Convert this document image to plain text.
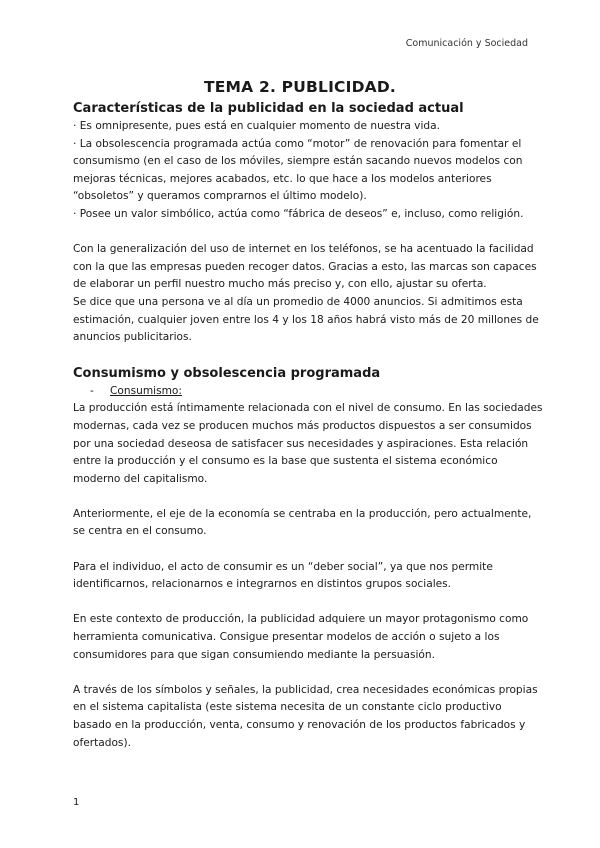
Comunicación y Sociedad
TEMA 2. PUBLICIDAD.

Características de la publicidad en la sociedad actual

· Es omnipresente, pues está en cualquier momento de nuestra vida.

· La obsolescencia programada actúa como “motor” de renovación para fomentar el consumismo (en el caso de los móviles, siempre están sacando nuevos modelos con mejoras técnicas, mejores acabados, etc. lo que hace a los modelos anteriores “obsoletos” y queramos comprarnos el último modelo).

· Posee un valor simbólico, actúa como “fábrica de deseos” e, incluso, como religión.

Con la generalización del uso de internet en los teléfonos, se ha acentuado la facilidad con la que las empresas pueden recoger datos. Gracias a esto, las marcas son capaces de elaborar un perfil nuestro mucho más preciso y, con ello, ajustar su oferta.

Se dice que una persona ve al día un promedio de 4000 anuncios. Si admitimos esta estimación, cualquier joven entre los 4 y los 18 años habrá visto más de 20 millones de anuncios publicitarios.

Consumismo y obsolescencia programada

- Consumismo:

La producción está íntimamente relacionada con el nivel de consumo. En las sociedades modernas, cada vez se producen muchos más productos dispuestos a ser consumidos por una sociedad deseosa de satisfacer sus necesidades y aspiraciones. Esta relación entre la producción y el consumo es la base que sustenta el sistema económico moderno del capitalismo.

Anteriormente, el eje de la economía se centraba en la producción, pero actualmente, se centra en el consumo.

Para el individuo, el acto de consumir es un “deber social”, ya que nos permite identificarnos, relacionarnos e integrarnos en distintos grupos sociales.

En este contexto de producción, la publicidad adquiere un mayor protagonismo como herramienta comunicativa. Consigue presentar modelos de acción o sujeto a los consumidores para que sigan consumiendo mediante la persuasión.

A través de los símbolos y señales, la publicidad, crea necesidades económicas propias en el sistema capitalista (este sistema necesita de un constante ciclo productivo basado en la producción, venta, consumo y renovación de los productos fabricados y ofertados).

1
